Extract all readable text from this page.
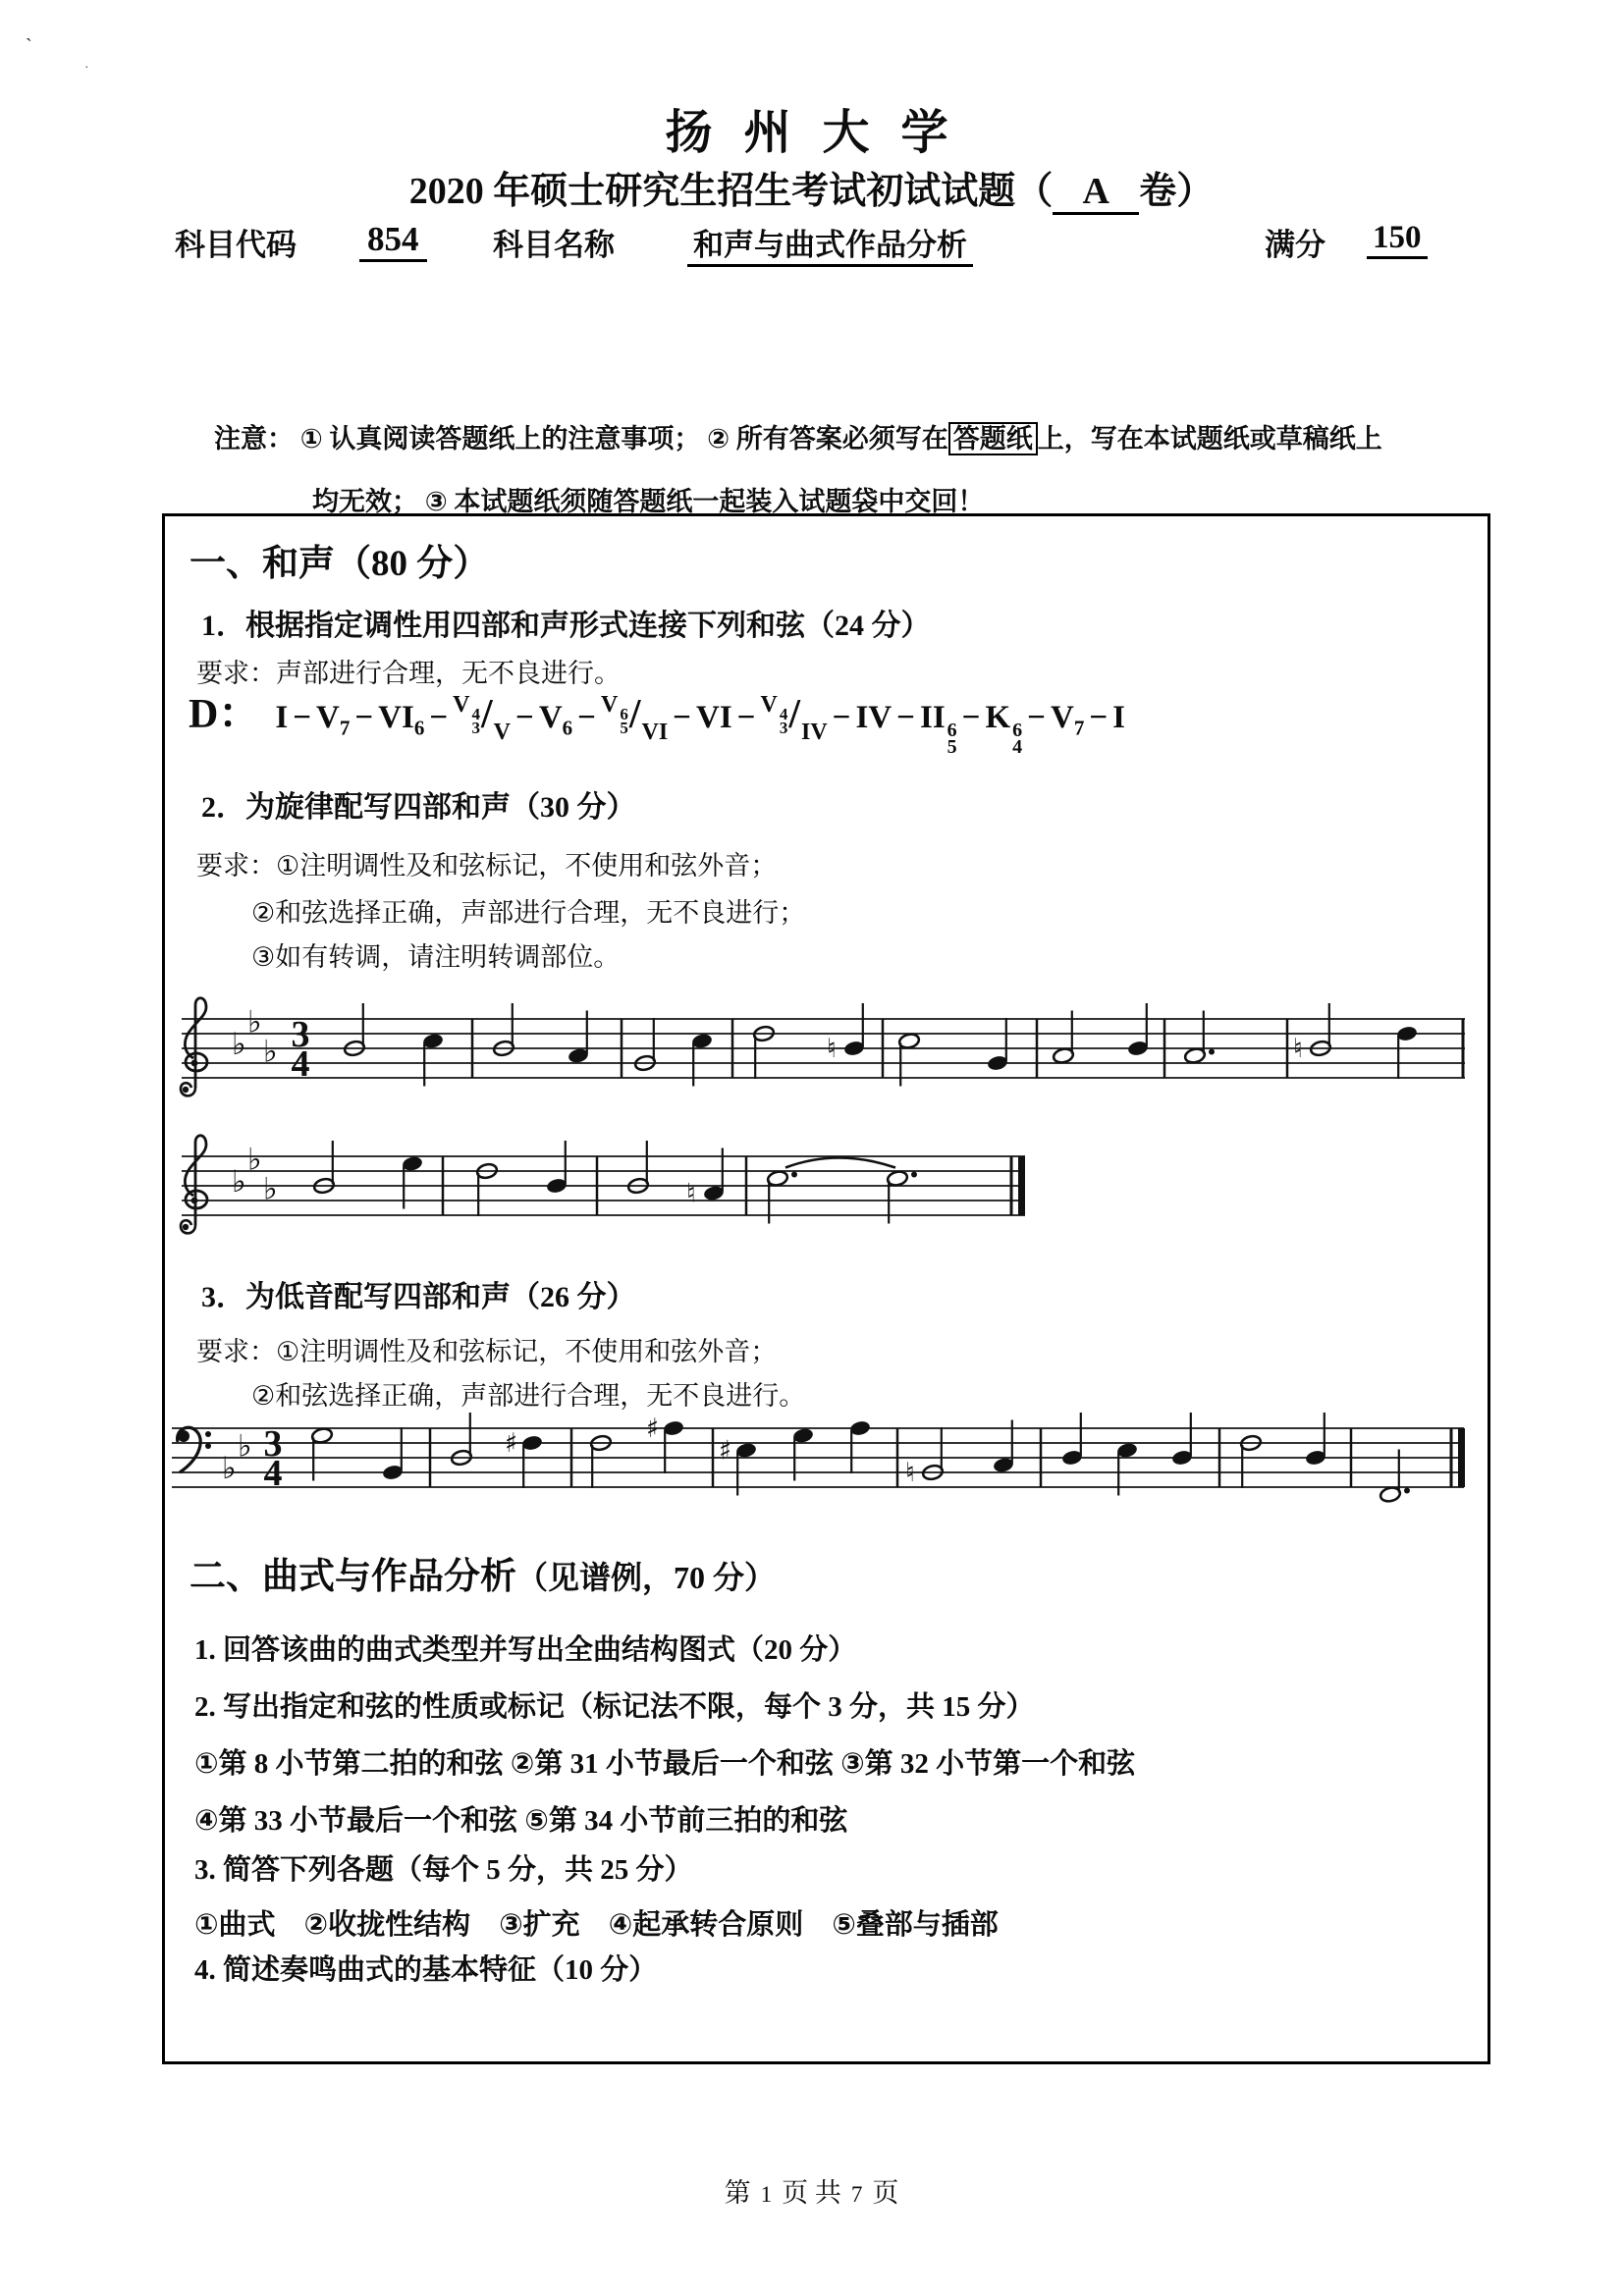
`
·
扬 州 大 学
2020 年硕士研究生招生考试初试试题（ A 卷）
科目代码 854 科目名称	和声与曲式作品分析	满分 150
注意： ① 认真阅读答题纸上的注意事项； ② 所有答案必须写在 答题纸 上，写在本试题纸或草稿纸上
均无效； ③ 本试题纸须随答题纸一起装入试题袋中交回！
一、和声（80 分）
1．根据指定调性用四部和声形式连接下列和弦（24 分）
要求：声部进行合理，无不良进行。
D： $I - V_7 - VI_6 - ^{V 4 3}$ $/_V - V_6 - ^{V 6 5}$ $/_{VI}$ − VI − $^{V 4 3}$ $/_{IV}$ − IV − II 6
5
− K 6
4
− $V_7 - I$
2．为旋律配写四部和声（30 分）
要求：①注明调性及和弦标记，不使用和弦外音；
②和弦选择正确，声部进行合理，无不良进行；
③如有转调，请注明转调部位。
♭
♭
♭ 3
4	♮	♮
♭
♭
♭	♮
3．为低音配写四部和声（26 分）
要求：①注明调性及和弦标记，不使用和弦外音；
②和弦选择正确，声部进行合理，无不良进行。
♭
♭ 3
4
♯	♯
♯
♮
二、曲式与作品分析（见谱例，70 分）
1. 回答该曲的曲式类型并写出全曲结构图式（20 分）
2. 写出指定和弦的性质或标记（标记法不限，每个 3 分，共 15 分）
①第 8 小节第二拍的和弦 ②第 31 小节最后一个和弦 ③第 32 小节第一个和弦
④第 33 小节最后一个和弦 ⑤第 34 小节前三拍的和弦
3. 简答下列各题（每个 5 分，共 25 分）
①曲式　②收拢性结构　③扩充　④起承转合原则　⑤叠部与插部
4. 简述奏鸣曲式的基本特征（10 分）
第 1 页 共 7 页
